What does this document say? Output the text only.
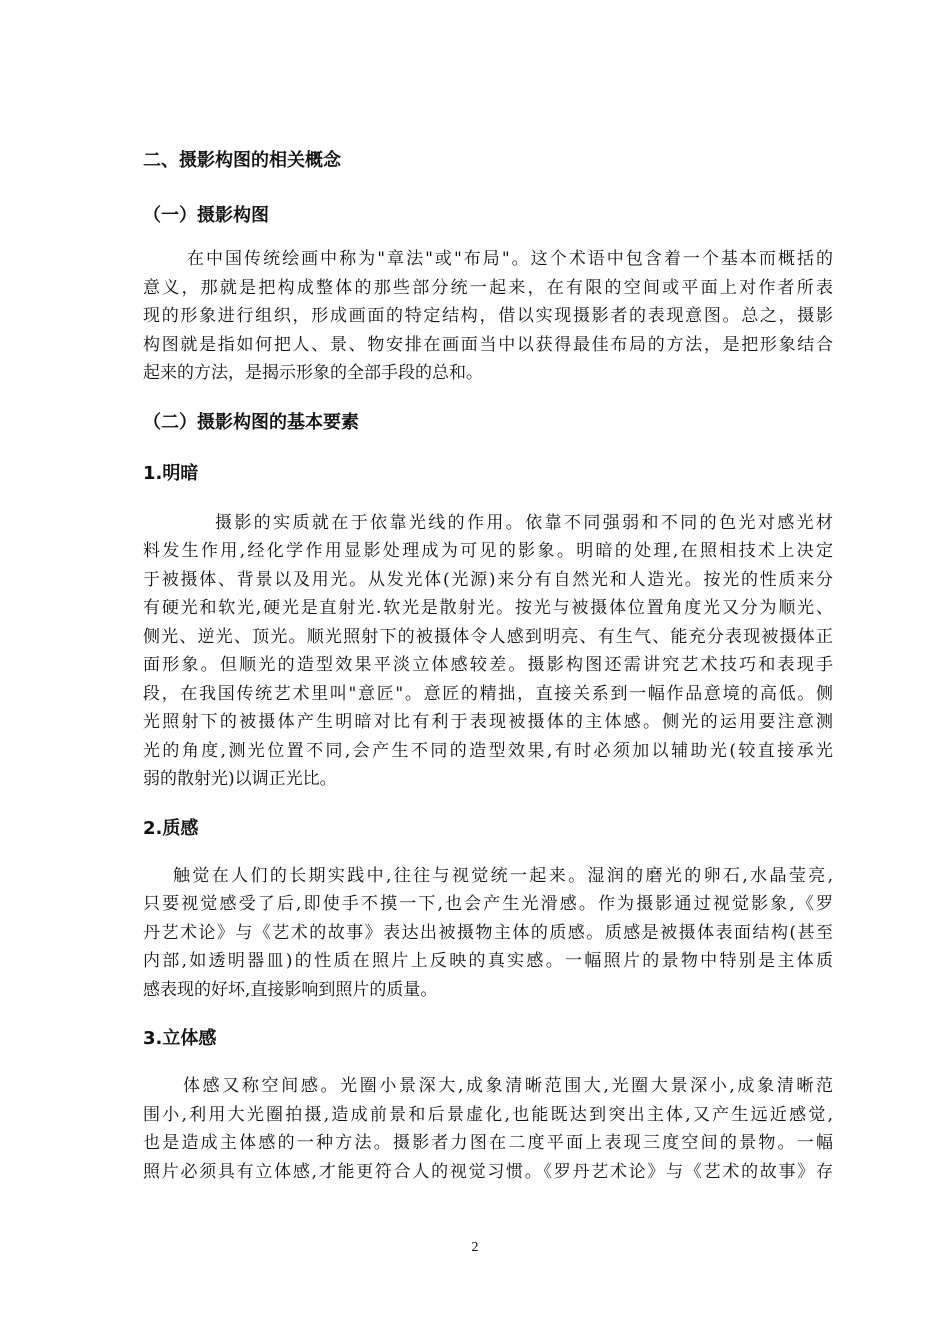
二、摄影构图的相关概念
（一）摄影构图
在中国传统绘画中称为"章法"或"布局"。这个术语中包含着一个基本而概括的
意义，那就是把构成整体的那些部分统一起来，在有限的空间或平面上对作者所表
现的形象进行组织，形成画面的特定结构，借以实现摄影者的表现意图。总之，摄影
构图就是指如何把人、景、物安排在画面当中以获得最佳布局的方法，是把形象结合
起来的方法，是揭示形象的全部手段的总和。
（二）摄影构图的基本要素
1.明暗
摄影的实质就在于依靠光线的作用。依靠不同强弱和不同的色光对感光材
料发生作用,经化学作用显影处理成为可见的影象。明暗的处理,在照相技术上决定
于被摄体、背景以及用光。从发光体(光源)来分有自然光和人造光。按光的性质来分
有硬光和软光,硬光是直射光.软光是散射光。按光与被摄体位置角度光又分为顺光、
侧光、逆光、顶光。顺光照射下的被摄体令人感到明亮、有生气、能充分表现被摄体正
面形象。但顺光的造型效果平淡立体感较差。摄影构图还需讲究艺术技巧和表现手
段，在我国传统艺术里叫"意匠"。意匠的精拙，直接关系到一幅作品意境的高低。侧
光照射下的被摄体产生明暗对比有利于表现被摄体的主体感。侧光的运用要注意测
光的角度,测光位置不同,会产生不同的造型效果,有时必须加以辅助光(较直接承光
弱的散射光)以调正光比。
2.质感
触觉在人们的长期实践中,往往与视觉统一起来。湿润的磨光的卵石,水晶莹亮,
只要视觉感受了后,即使手不摸一下,也会产生光滑感。作为摄影通过视觉影象,《罗
丹艺术论》与《艺术的故事》表达出被摄物主体的质感。质感是被摄体表面结构(甚至
内部,如透明器皿)的性质在照片上反映的真实感。一幅照片的景物中特别是主体质
感表现的好坏,直接影响到照片的质量。
3.立体感
体感又称空间感。光圈小景深大,成象清晰范围大,光圈大景深小,成象清晰范
围小,利用大光圈拍摄,造成前景和后景虚化,也能既达到突出主体,又产生远近感觉,
也是造成主体感的一种方法。摄影者力图在二度平面上表现三度空间的景物。一幅
照片必须具有立体感,才能更符合人的视觉习惯。《罗丹艺术论》与《艺术的故事》存
2
